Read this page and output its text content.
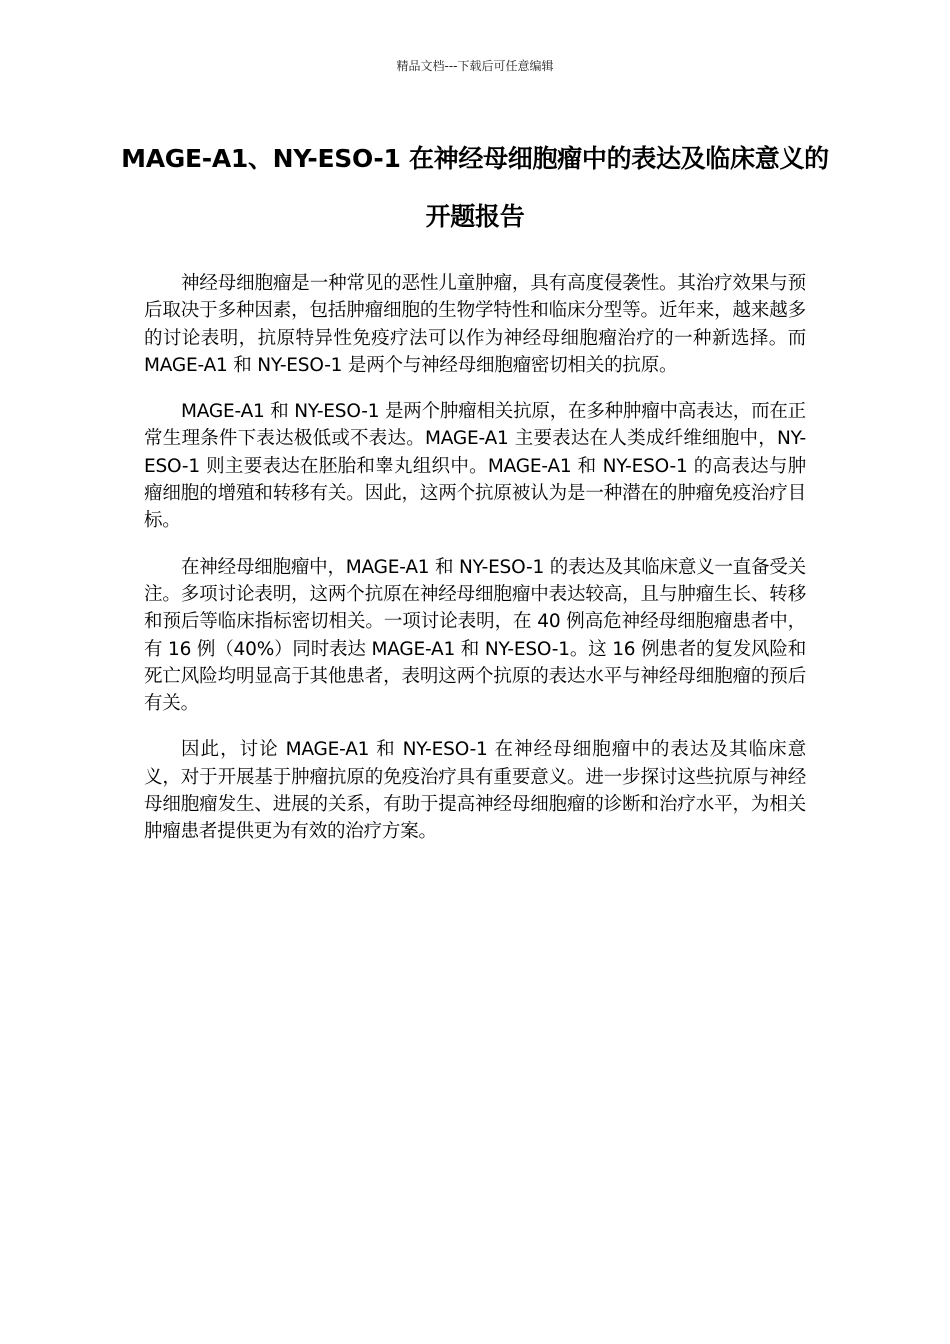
精品文档---下载后可任意编辑
MAGE-A1、NY-ESO-1 在神经母细胞瘤中的表达及临床意义的开题报告

神经母细胞瘤是一种常见的恶性儿童肿瘤，具有高度侵袭性。其治疗效果与预后取决于多种因素，包括肿瘤细胞的生物学特性和临床分型等。近年来，越来越多的讨论表明，抗原特异性免疫疗法可以作为神经母细胞瘤治疗的一种新选择。而 MAGE-A1 和 NY-ESO-1 是两个与神经母细胞瘤密切相关的抗原。

MAGE-A1 和 NY-ESO-1 是两个肿瘤相关抗原，在多种肿瘤中高表达，而在正常生理条件下表达极低或不表达。MAGE-A1 主要表达在人类成纤维细胞中，NY-ESO-1 则主要表达在胚胎和睾丸组织中。MAGE-A1 和 NY-ESO-1 的高表达与肿瘤细胞的增殖和转移有关。因此，这两个抗原被认为是一种潜在的肿瘤免疫治疗目标。

在神经母细胞瘤中，MAGE-A1 和 NY-ESO-1 的表达及其临床意义一直备受关注。多项讨论表明，这两个抗原在神经母细胞瘤中表达较高，且与肿瘤生长、转移和预后等临床指标密切相关。一项讨论表明，在 40 例高危神经母细胞瘤患者中，有 16 例（40%）同时表达 MAGE-A1 和 NY-ESO-1。这 16 例患者的复发风险和死亡风险均明显高于其他患者，表明这两个抗原的表达水平与神经母细胞瘤的预后有关。

因此，讨论 MAGE-A1 和 NY-ESO-1 在神经母细胞瘤中的表达及其临床意义，对于开展基于肿瘤抗原的免疫治疗具有重要意义。进一步探讨这些抗原与神经母细胞瘤发生、进展的关系，有助于提高神经母细胞瘤的诊断和治疗水平，为相关肿瘤患者提供更为有效的治疗方案。
